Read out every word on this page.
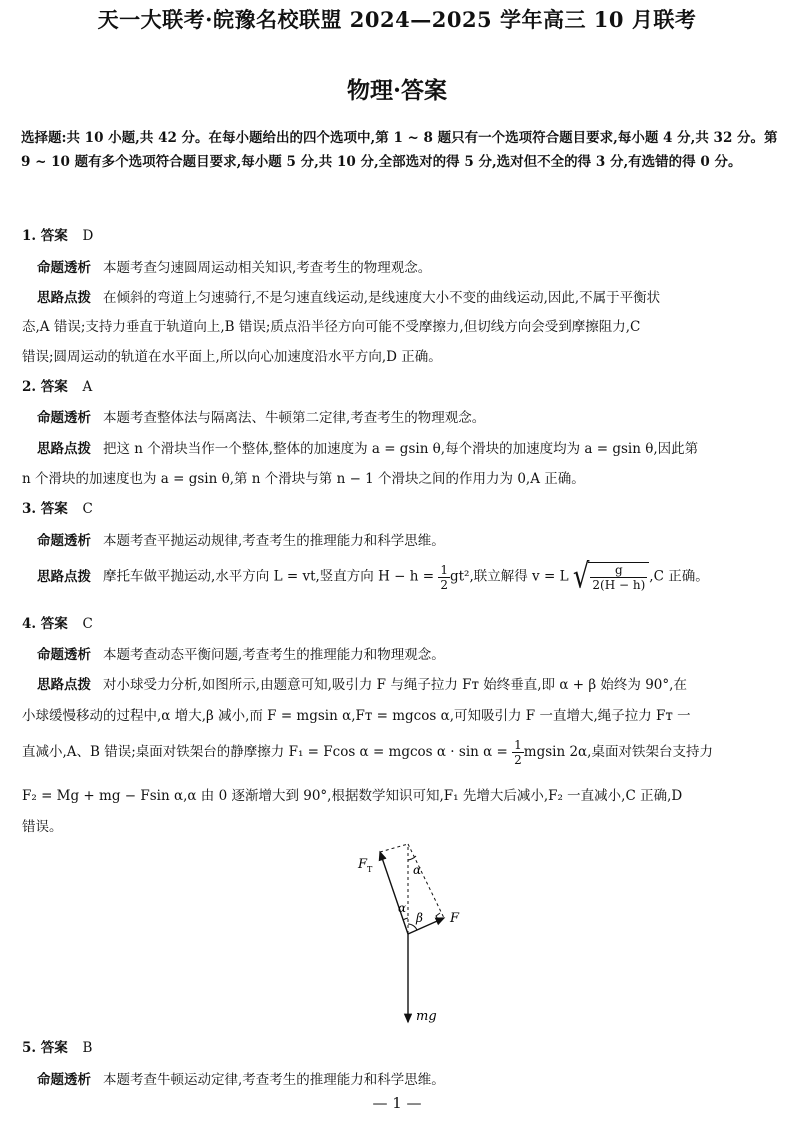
天一大联考·皖豫名校联盟 2024—2025 学年高三 10 月联考
物理·答案
选择题:共 10 小题,共 42 分。在每小题给出的四个选项中,第 1 ~ 8 题只有一个选项符合题目要求,每小题 4 分,共 32 分。第 9 ~ 10 题有多个选项符合题目要求,每小题 5 分,共 10 分,全部选对的得 5 分,选对但不全的得 3 分,有选错的得 0 分。
1. 答案 D
命题透析 本题考查匀速圆周运动相关知识,考查考生的物理观念。
思路点拨 在倾斜的弯道上匀速骑行,不是匀速直线运动,是线速度大小不变的曲线运动,因此,不属于平衡状
态,A 错误;支持力垂直于轨道向上,B 错误;质点沿半径方向可能不受摩擦力,但切线方向会受到摩擦阻力,C
错误;圆周运动的轨道在水平面上,所以向心加速度沿水平方向,D 正确。
2. 答案 A
命题透析 本题考查整体法与隔离法、牛顿第二定律,考查考生的物理观念。
思路点拨 把这 n 个滑块当作一个整体,整体的加速度为 a = gsin θ,每个滑块的加速度均为 a = gsin θ,因此第
n 个滑块的加速度也为 a = gsin θ,第 n 个滑块与第 n − 1 个滑块之间的作用力为 0,A 正确。
3. 答案 C
命题透析 本题考查平抛运动规律,考查考生的推理能力和科学思维。
思路点拨 摩托车做平抛运动,水平方向 L = vt,竖直方向 $H - h = \frac{1}{2} gt^2$,联立解得 v = L √ $\frac{g}{2(H - h)} ,C$ 正确。
4. 答案 C
命题透析 本题考查动态平衡问题,考查考生的推理能力和物理观念。
思路点拨 对小球受力分析,如图所示,由题意可知,吸引力 F 与绳子拉力 Fᴛ 始终垂直,即 α + β 始终为 90°,在
小球缓慢移动的过程中,α 增大,β 减小,而 F = mgsin α,Fᴛ = mgcos α,可知吸引力 F 一直增大,绳子拉力 Fᴛ 一
直减小,A、B 错误;桌面对铁架台的静摩擦力 F₁ = Fcos α = mgcos $\alpha \cdot \sin \alpha = \frac{1}{2}$ mgsin 2α,桌面对铁架台支持力
F₂ = Mg + mg − Fsin α,α 由 0 逐渐增大到 90°,根据数学知识可知,F₁ 先增大后减小,F₂ 一直减小,C 正确,D
错误。
F T	α
α
β F
mg
5. 答案 B
命题透析 本题考查牛顿运动定律,考查考生的推理能力和科学思维。
— 1 —
